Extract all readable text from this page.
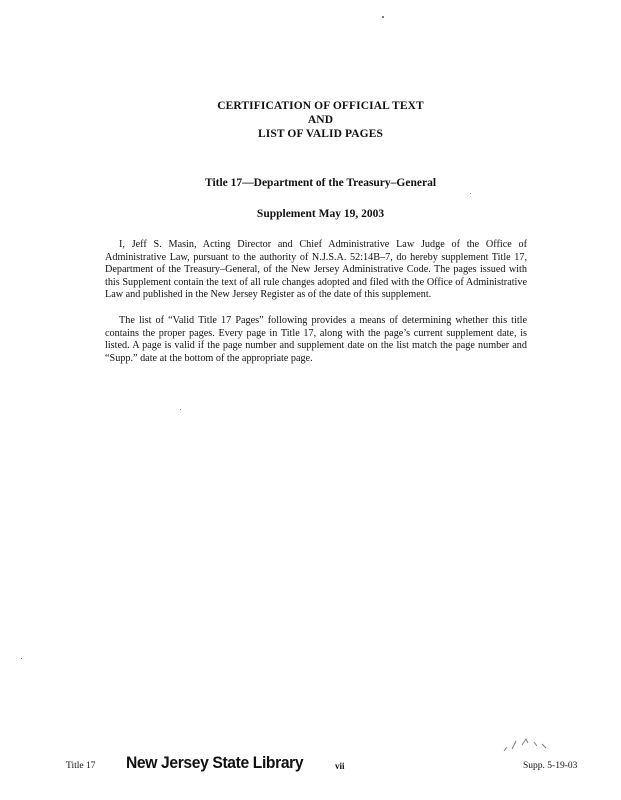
CERTIFICATION OF OFFICIAL TEXT
AND
LIST OF VALID PAGES
Title 17—Department of the Treasury–General
Supplement May 19, 2003

I, Jeff S. Masin, Acting Director and Chief Administrative Law Judge of the Office of Administrative Law, pursuant to the authority of N.J.S.A. 52:14B–7, do hereby supplement Title 17, Department of the Treasury–General, of the New Jersey Administrative Code. The pages issued with this Supplement contain the text of all rule changes adopted and filed with the Office of Administrative Law and published in the New Jersey Register as of the date of this supplement.

The list of “Valid Title 17 Pages” following provides a means of determining whether this title contains the proper pages. Every page in Title 17, along with the page’s current supplement date, is listed. A page is valid if the page number and supplement date on the list match the page number and “Supp.” date at the bottom of the appropriate page.

Title 17 New Jersey State Library	vii	Supp. 5-19-03
